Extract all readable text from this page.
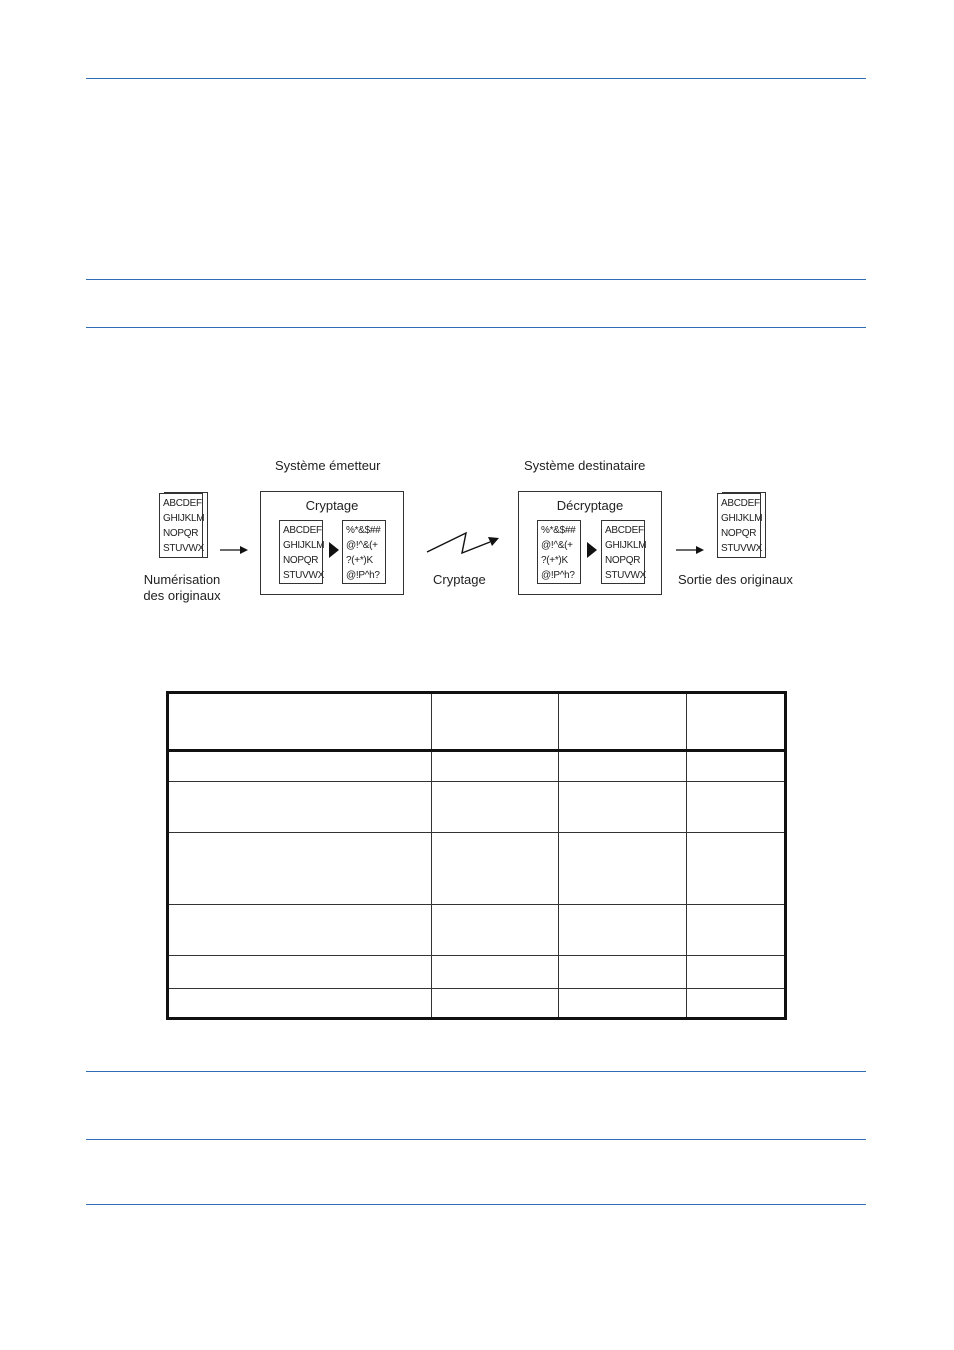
ABCDEF
GHIJKLM
NOPQR
STUVWX
Numérisation
des originaux
Système émetteur
Cryptage
ABCDEF
GHIJKLM
NOPQR
STUVWX
%*&$##
@!^&(+
?(+*)K
@!P^h?	Cryptage
Système destinataire
Décryptage
%*&$##
@!^&(+
?(+*)K
@!P^h?
ABCDEF
GHIJKLM
NOPQR
STUVWX
ABCDEF
GHIJKLM
NOPQR
STUVWX
Sortie des originaux
